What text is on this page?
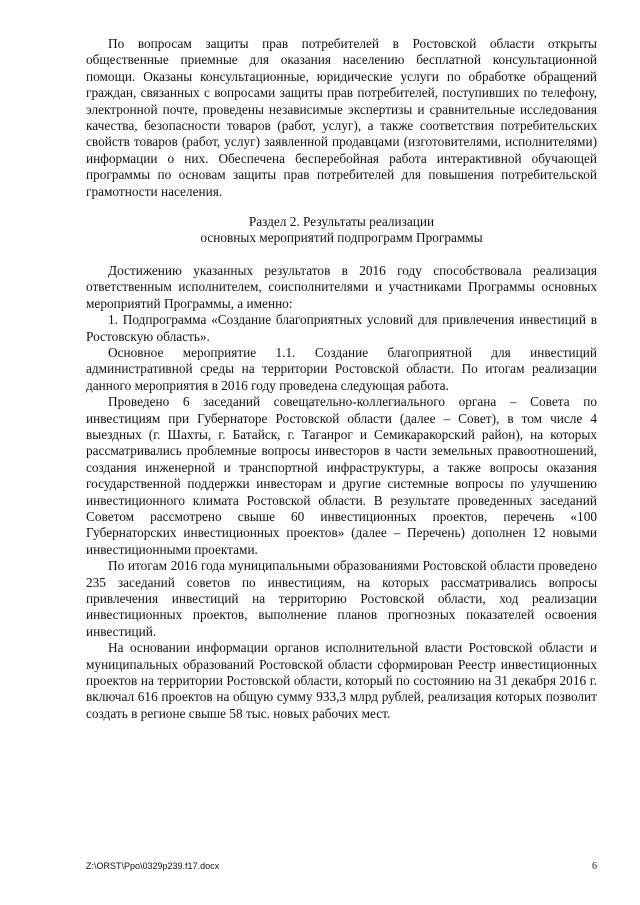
По вопросам защиты прав потребителей в Ростовской области открыты общественные приемные для оказания населению бесплатной консультационной помощи. Оказаны консультационные, юридические услуги по обработке обращений граждан, связанных с вопросами защиты прав потребителей, поступивших по телефону, электронной почте, проведены независимые экспертизы и сравнительные исследования качества, безопасности товаров (работ, услуг), а также соответствия потребительских свойств товаров (работ, услуг) заявленной продавцами (изготовителями, исполнителями) информации о них. Обеспечена бесперебойная работа интерактивной обучающей программы по основам защиты прав потребителей для повышения потребительской грамотности населения.

Раздел 2. Результаты реализации
основных мероприятий подпрограмм Программы

Достижению указанных результатов в 2016 году способствовала реализация ответственным исполнителем, соисполнителями и участниками Программы основных мероприятий Программы, а именно:

1. Подпрограмма «Создание благоприятных условий для привлечения инвестиций в Ростовскую область».

Основное мероприятие 1.1. Создание благоприятной для инвестиций административной среды на территории Ростовской области. По итогам реализации данного мероприятия в 2016 году проведена следующая работа.

Проведено 6 заседаний совещательно-коллегиального органа – Совета по инвестициям при Губернаторе Ростовской области (далее – Совет), в том числе 4 выездных (г. Шахты, г. Батайск, г. Таганрог и Семикаракорский район), на которых рассматривались проблемные вопросы инвесторов в части земельных правоотношений, создания инженерной и транспортной инфраструктуры, а также вопросы оказания государственной поддержки инвесторам и другие системные вопросы по улучшению инвестиционного климата Ростовской области. В результате проведенных заседаний Советом рассмотрено свыше 60 инвестиционных проектов, перечень «100 Губернаторских инвестиционных проектов» (далее – Перечень) дополнен 12 новыми инвестиционными проектами.

По итогам 2016 года муниципальными образованиями Ростовской области проведено 235 заседаний советов по инвестициям, на которых рассматривались вопросы привлечения инвестиций на территорию Ростовской области, ход реализации инвестиционных проектов, выполнение планов прогнозных показателей освоения инвестиций.

На основании информации органов исполнительной власти Ростовской области и муниципальных образований Ростовской области сформирован Реестр инвестиционных проектов на территории Ростовской области, который по состоянию на 31 декабря 2016 г. включал 616 проектов на общую сумму 933,3 млрд рублей, реализация которых позволит создать в регионе свыше 58 тыс. новых рабочих мест.

Z:\ORST\Ppo\0329p239.f17.docx	6
